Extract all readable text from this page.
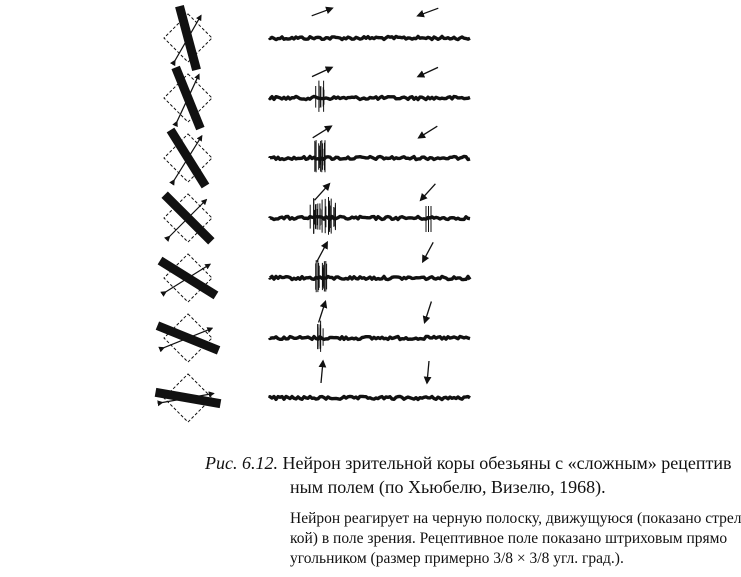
Рис. 6.12. Нейрон зрительной коры обезьяны с «сложным» рецептив
ным полем (по Хьюбелю, Визелю, 1968).
Нейрон реагирует на черную полоску, движущуюся (показано стрел
кой) в поле зрения. Рецептивное поле показано штриховым прямо
угольником (размер примерно 3/8 × 3/8 угл. град.).
